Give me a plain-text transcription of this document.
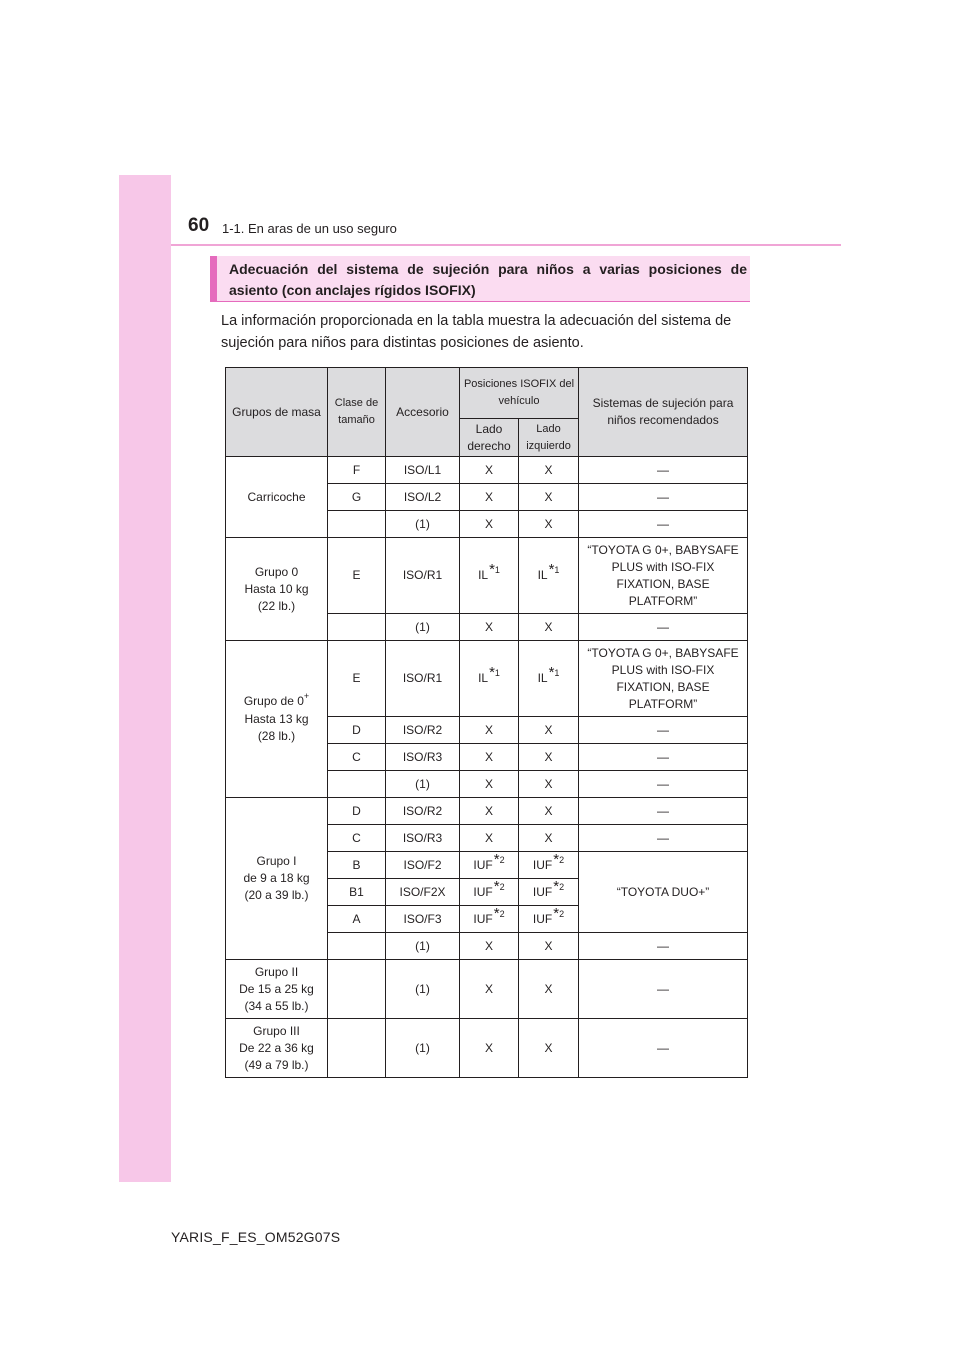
60 1-1. En aras de un uso seguro
Adecuación del sistema de sujeción para niños a varias posiciones de asiento (con anclajes rígidos ISOFIX)
La información proporcionada en la tabla muestra la adecuación del sistema de sujeción para niños para distintas posiciones de asiento.
Grupos de masa	Clase de tamaño	Accesorio	Posiciones ISOFIX del vehículo		Sistemas de sujeción para niños recomendados
			Lado derecho	Lado izquierdo	
Carricoche	F	ISO/L1	X	X	—
	G	ISO/L2	X	X	—
		(1)	X	X	—
Grupo 0
Hasta 10 kg
(22 lb.)	E	ISO/R1	IL*$^1$	IL*$^1$	“TOYOTA G 0+, BABYSAFE PLUS with ISO-FIX FIXATION, BASE PLATFORM”
		(1)	X	X	—
Grupo de 0+
Hasta 13 kg
(28 lb.)	E	ISO/R1	IL*$^1$	IL*$^1$	“TOYOTA G 0+, BABYSAFE PLUS with ISO-FIX FIXATION, BASE PLATFORM”
	D	ISO/R2	X	X	—
	C	ISO/R3	X	X	—
		(1)	X	X	—
Grupo I
de 9 a 18 kg
(20 a 39 lb.)	D	ISO/R2	X	X	—
	C	ISO/R3	X	X	—
	B	ISO/F2	IUF*$^2$	IUF*$^2$	“TOYOTA DUO+”
	B1	ISO/F2X	IUF*$^2$	IUF*$^2$
	A	ISO/F3	IUF*$^2$	IUF*$^2$
		(1)	X	X	—
Grupo II
De 15 a 25 kg
(34 a 55 lb.)		(1)	X	X	—
Grupo III
De 22 a 36 kg
(49 a 79 lb.)		(1)	X	X	—
YARIS_F_ES_OM52G07S
